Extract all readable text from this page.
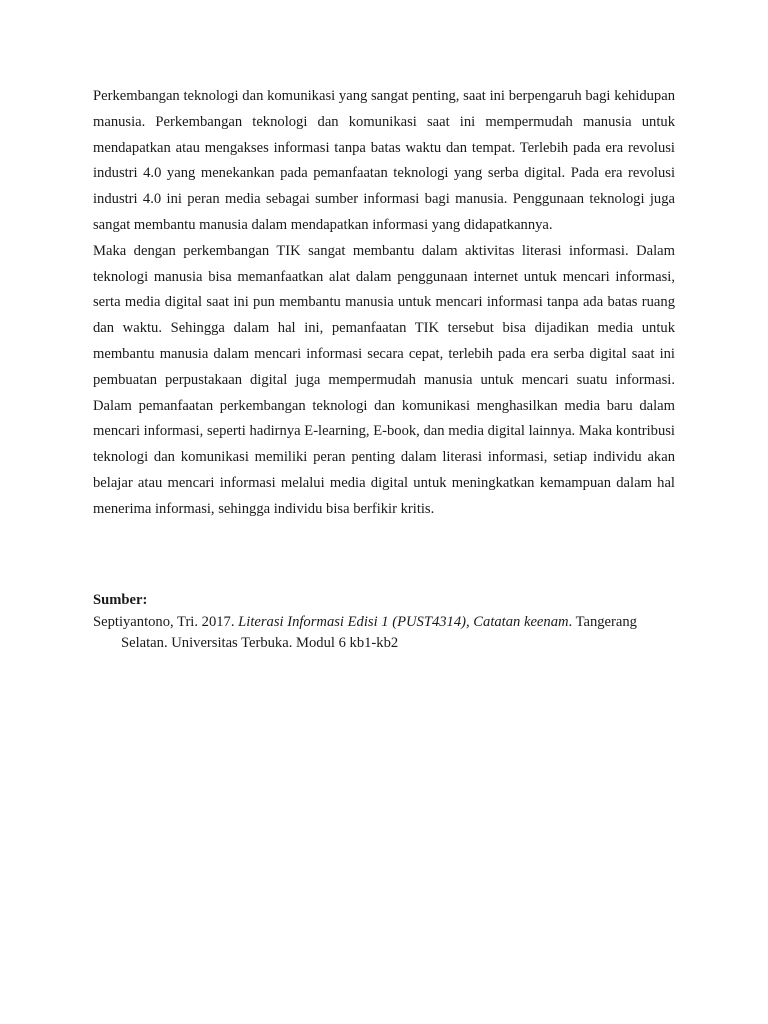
Perkembangan teknologi dan komunikasi yang sangat penting, saat ini berpengaruh bagi kehidupan manusia. Perkembangan teknologi dan komunikasi saat ini mempermudah manusia untuk mendapatkan atau mengakses informasi tanpa batas waktu dan tempat. Terlebih pada era revolusi industri 4.0 yang menekankan pada pemanfaatan teknologi yang serba digital. Pada era revolusi industri 4.0 ini peran media sebagai sumber informasi bagi manusia. Penggunaan teknologi juga sangat membantu manusia dalam mendapatkan informasi yang didapatkannya.

Maka dengan perkembangan TIK sangat membantu dalam aktivitas literasi informasi. Dalam teknologi manusia bisa memanfaatkan alat dalam penggunaan internet untuk mencari informasi, serta media digital saat ini pun membantu manusia untuk mencari informasi tanpa ada batas ruang dan waktu. Sehingga dalam hal ini, pemanfaatan TIK tersebut bisa dijadikan media untuk membantu manusia dalam mencari informasi secara cepat, terlebih pada era serba digital saat ini pembuatan perpustakaan digital juga mempermudah manusia untuk mencari suatu informasi. Dalam pemanfaatan perkembangan teknologi dan komunikasi menghasilkan media baru dalam mencari informasi, seperti hadirnya E-learning, E-book, dan media digital lainnya. Maka kontribusi teknologi dan komunikasi memiliki peran penting dalam literasi informasi, setiap individu akan belajar atau mencari informasi melalui media digital untuk meningkatkan kemampuan dalam hal menerima informasi, sehingga individu bisa berfikir kritis.

Sumber:

Septiyantono, Tri. 2017. Literasi Informasi Edisi 1 (PUST4314), Catatan keenam. Tangerang Selatan. Universitas Terbuka. Modul 6 kb1-kb2
